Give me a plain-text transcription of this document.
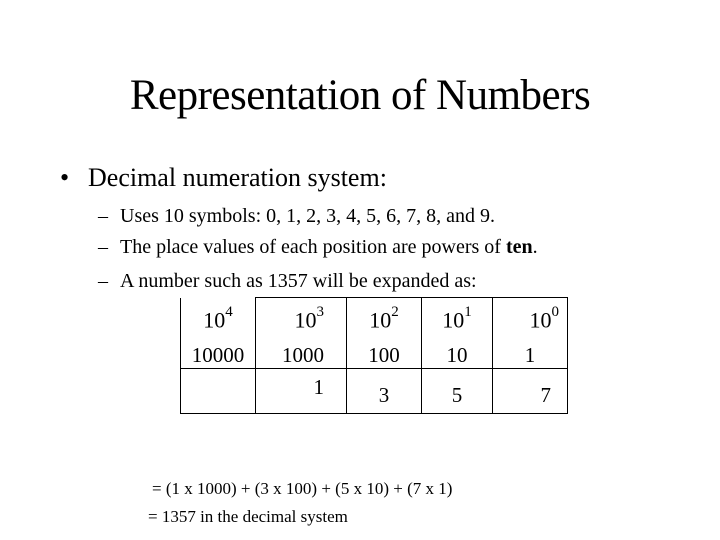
Representation of Numbers
• Decimal numeration system:
– Uses 10 symbols: 0, 1, 2, 3, 4, 5, 6, 7, 8, and 9.
– The place values of each position are powers of ten.
– A number such as 1357 will be expanded as:
$10^4$	$10^3$	$10^2$	$10^1$	$10^0$
10000	1000	100	10	1
	1	3	5	7
= (1 x 1000) + (3 x 100) + (5 x 10) + (7 x 1)
= 1357 in the decimal system
